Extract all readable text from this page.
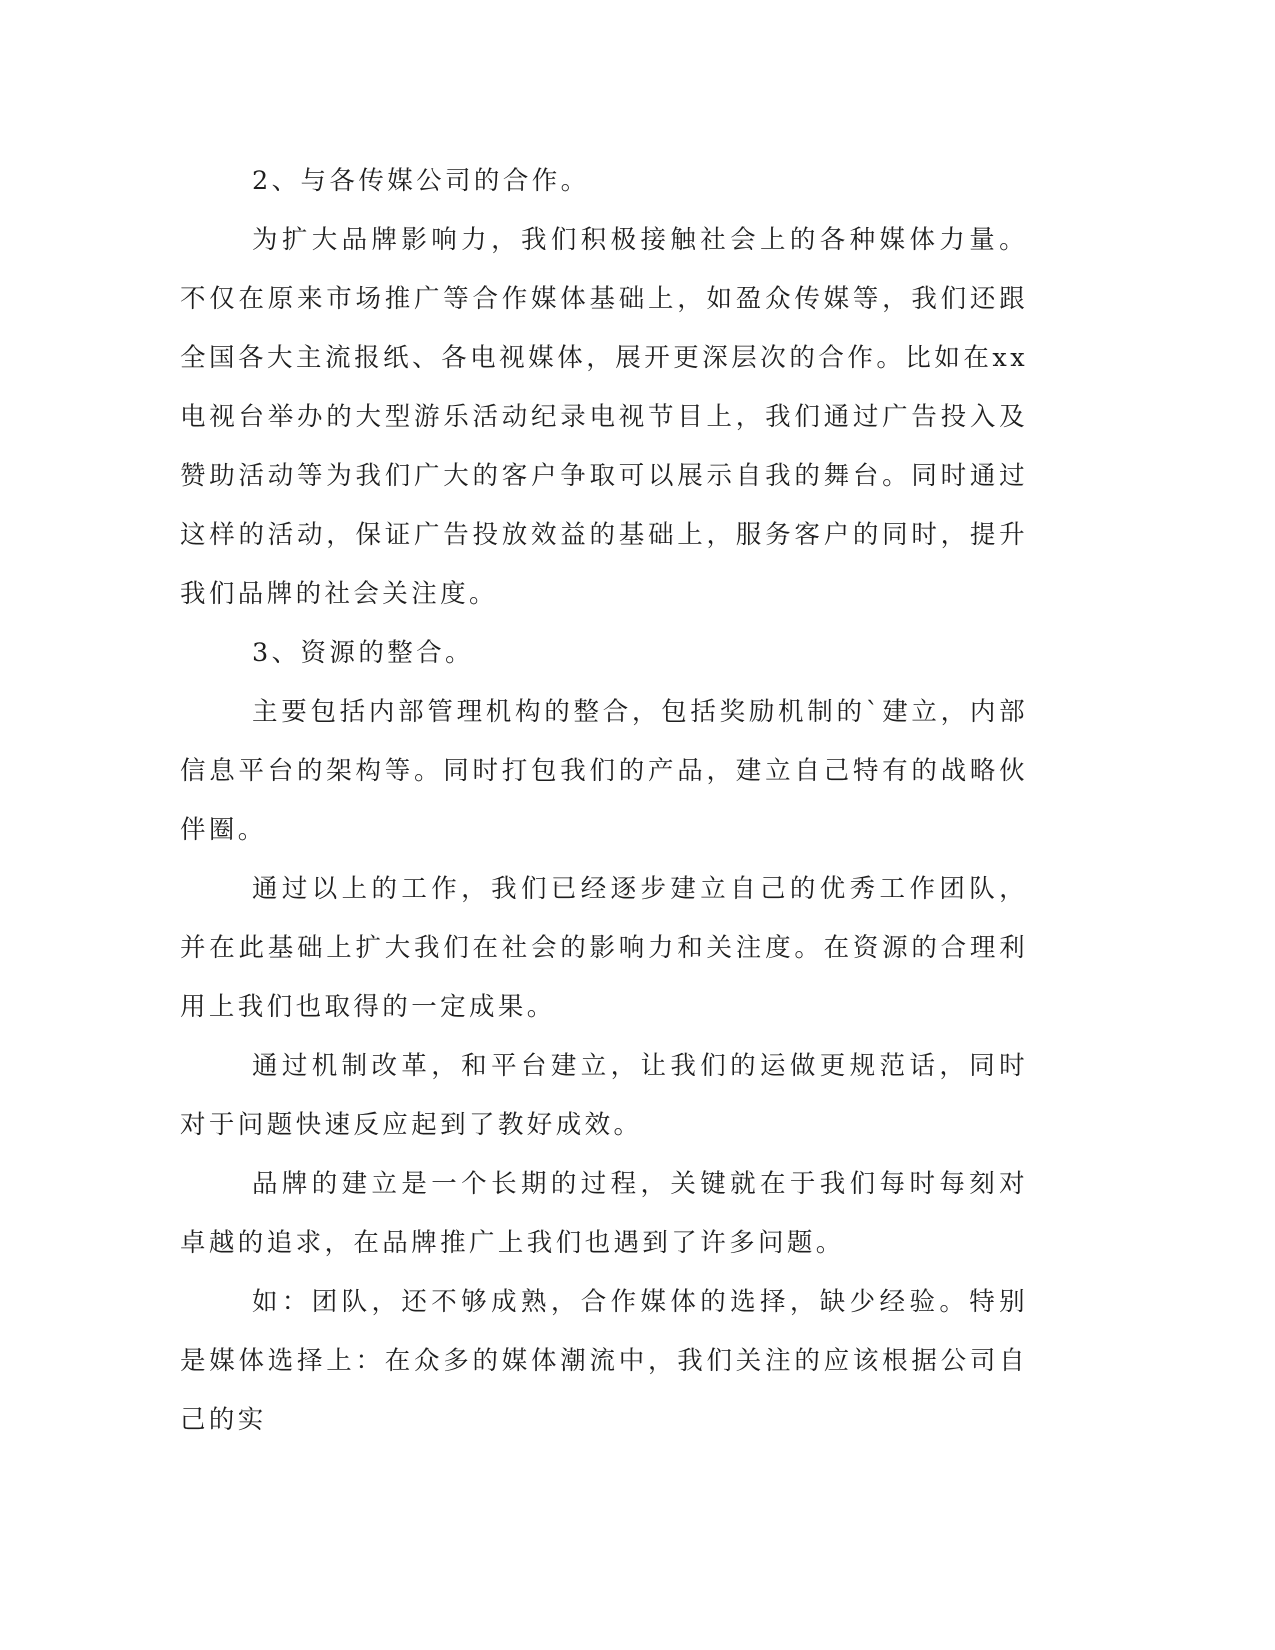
2、与各传媒公司的合作。

为扩大品牌影响力，我们积极接触社会上的各种媒体力量。不仅在原来市场推广等合作媒体基础上，如盈众传媒等，我们还跟全国各大主流报纸、各电视媒体，展开更深层次的合作。比如在xx电视台举办的大型游乐活动纪录电视节目上，我们通过广告投入及赞助活动等为我们广大的客户争取可以展示自我的舞台。同时通过这样的活动，保证广告投放效益的基础上，服务客户的同时，提升我们品牌的社会关注度。

3、资源的整合。

主要包括内部管理机构的整合，包括奖励机制的`建立，内部信息平台的架构等。同时打包我们的产品，建立自己特有的战略伙伴圈。

通过以上的工作，我们已经逐步建立自己的优秀工作团队，并在此基础上扩大我们在社会的影响力和关注度。在资源的合理利用上我们也取得的一定成果。

通过机制改革，和平台建立，让我们的运做更规范话，同时对于问题快速反应起到了教好成效。

品牌的建立是一个长期的过程，关键就在于我们每时每刻对卓越的追求，在品牌推广上我们也遇到了许多问题。

如：团队，还不够成熟，合作媒体的选择，缺少经验。特别是媒体选择上：在众多的媒体潮流中，我们关注的应该根据公司自己的实
